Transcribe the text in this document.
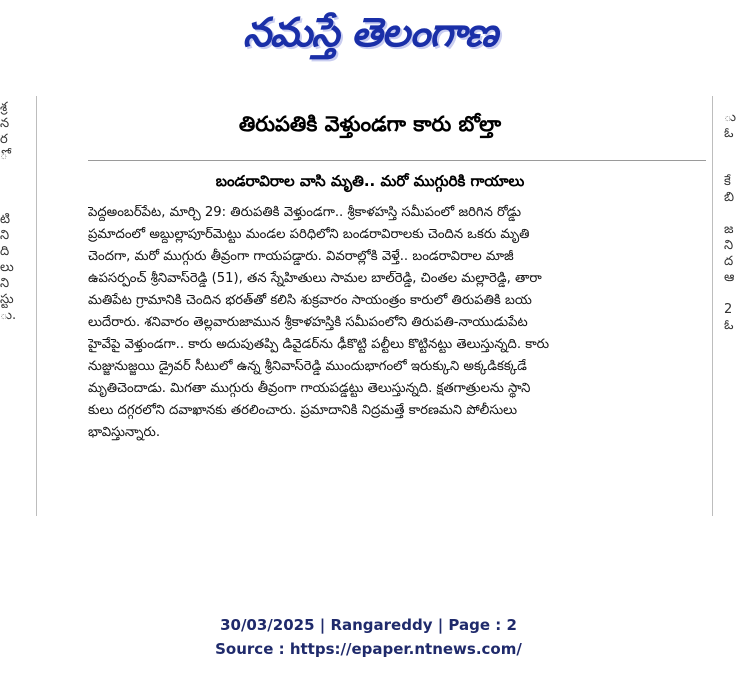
నమస్తే తెలంగాణ
శ్ర
న
ర
ో

టి
ని
ది
లు
ని
స్టు
ు.
ు
ఓ

కే
బి

జ
ని
ద
ఆ

2
ఓ
తిరుపతికి వెళ్తుండగా కారు బోల్తా
బండరావిరాల వాసి మృతి.. మరో ముగ్గురికి గాయాలు
పెద్దఅంబర్‌పేట, మార్చి 29: తిరుపతికి వెళ్తుండగా.. శ్రీకాళహస్తి సమీపంలో జరిగిన రోడ్డు
ప్రమాదంలో అబ్దుల్లాపూర్‌మెట్టు మండల పరిధిలోని బండరావిరాలకు చెందిన ఒకరు మృతి
చెందగా, మరో ముగ్గురు తీవ్రంగా గాయపడ్డారు. వివరాల్లోకి వెళ్తే.. బండరావిరాల మాజీ
ఉపసర్పంచ్ శ్రీనివాస్‌రెడ్డి (51), తన స్నేహితులు సామల బాల్‌రెడ్డి, చింతల మల్లారెడ్డి, తారా
మతిపేట గ్రామానికి చెందిన భరత్‌తో కలిసి శుక్రవారం సాయంత్రం కారులో తిరుపతికి బయ
లుదేరారు. శనివారం తెల్లవారుజామున శ్రీకాళహస్తికి సమీపంలోని తిరుపతి-నాయుడుపేట
హైవేపై వెళ్తుండగా.. కారు అదుపుతప్పి డివైడర్‌ను ఢీకొట్టి పల్టీలు కొట్టినట్టు తెలుస్తున్నది. కారు
నుజ్జునుజ్జయి డ్రైవర్ సీటులో ఉన్న శ్రీనివాస్‌రెడ్డి ముందుభాగంలో ఇరుక్కుని అక్కడికక్కడే
మృతిచెందాడు. మిగతా ముగ్గురు తీవ్రంగా గాయపడ్డట్టు తెలుస్తున్నది. క్షతగాత్రులను స్థాని
కులు దగ్గరలోని దవాఖానకు తరలించారు. ప్రమాదానికి నిద్రమత్తే కారణమని పోలీసులు
భావిస్తున్నారు.
30/03/2025 | Rangareddy | Page : 2
Source : https://epaper.ntnews.com/
